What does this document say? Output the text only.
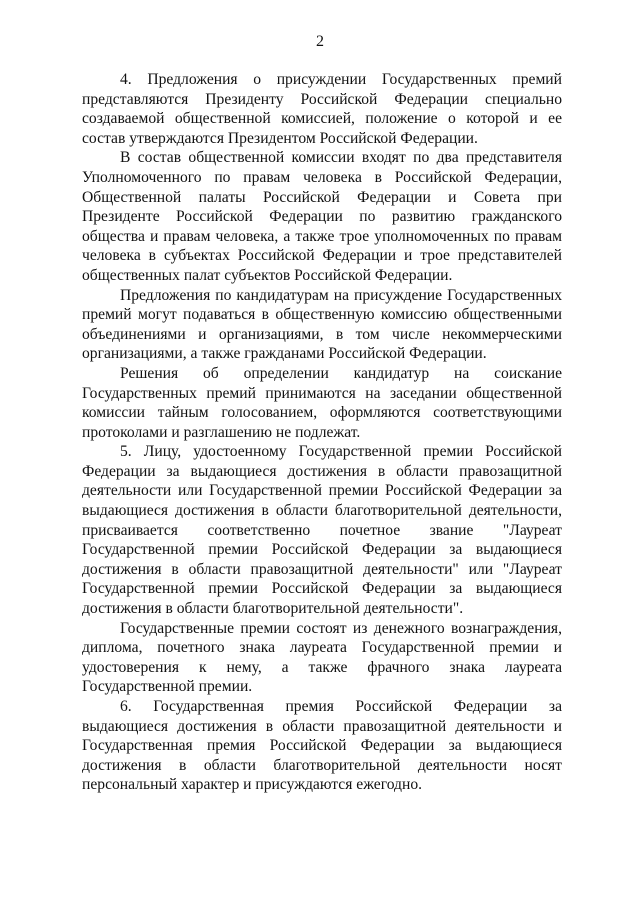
2

4. Предложения о присуждении Государственных премий представляются Президенту Российской Федерации специально создаваемой общественной комиссией, положение о которой и ее состав утверждаются Президентом Российской Федерации.

В состав общественной комиссии входят по два представителя Уполномоченного по правам человека в Российской Федерации, Общественной палаты Российской Федерации и Совета при Президенте Российской Федерации по развитию гражданского общества и правам человека, а также трое уполномоченных по правам человека в субъектах Российской Федерации и трое представителей общественных палат субъектов Российской Федерации.

Предложения по кандидатурам на присуждение Государственных премий могут подаваться в общественную комиссию общественными объединениями и организациями, в том числе некоммерческими организациями, а также гражданами Российской Федерации.

Решения об определении кандидатур на соискание Государственных премий принимаются на заседании общественной комиссии тайным голосованием, оформляются соответствующими протоколами и разглашению не подлежат.

5. Лицу, удостоенному Государственной премии Российской Федерации за выдающиеся достижения в области правозащитной деятельности или Государственной премии Российской Федерации за выдающиеся достижения в области благотворительной деятельности, присваивается соответственно почетное звание "Лауреат Государственной премии Российской Федерации за выдающиеся достижения в области правозащитной деятельности" или "Лауреат Государственной премии Российской Федерации за выдающиеся достижения в области благотворительной деятельности".

Государственные премии состоят из денежного вознаграждения, диплома, почетного знака лауреата Государственной премии и удостоверения к нему, а также фрачного знака лауреата Государственной премии.

6. Государственная премия Российской Федерации за выдающиеся достижения в области правозащитной деятельности и Государственная премия Российской Федерации за выдающиеся достижения в области благотворительной деятельности носят персональный характер и присуждаются ежегодно.
